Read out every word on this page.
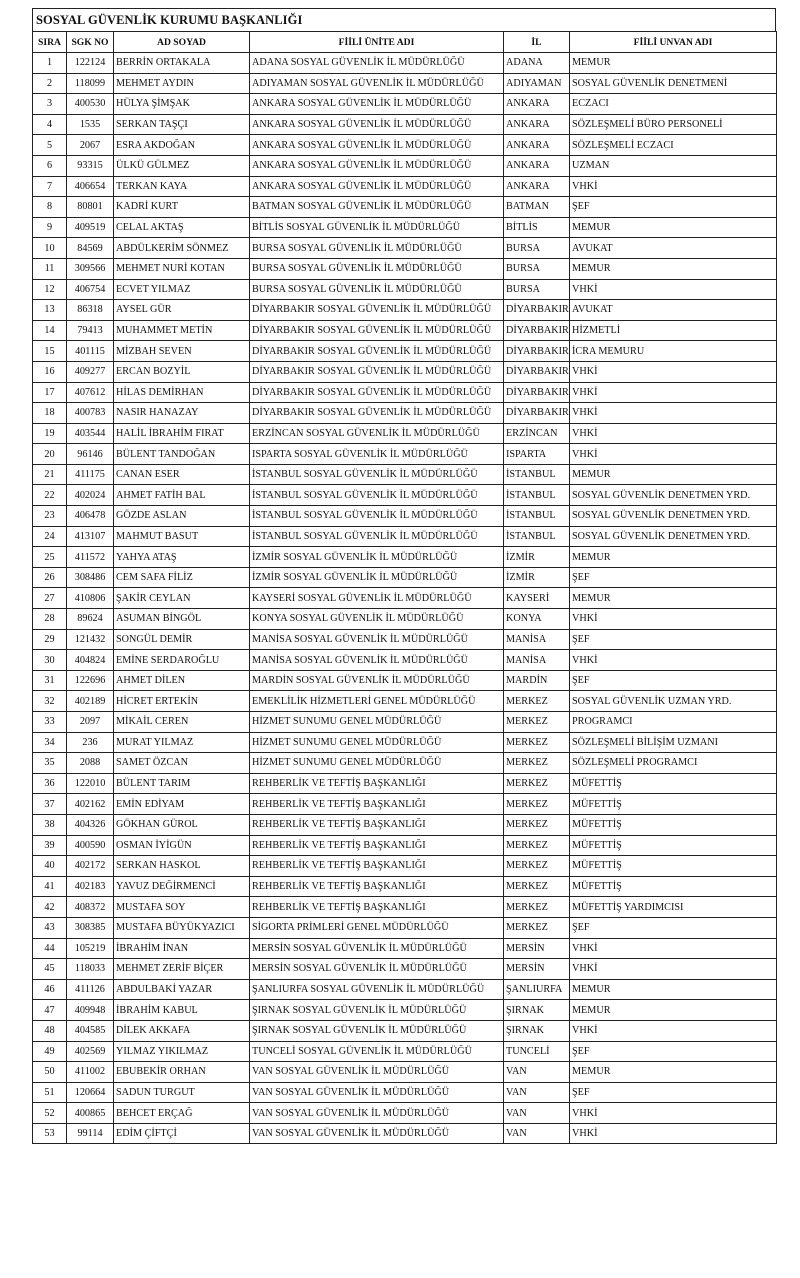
SOSYAL GÜVENLİK KURUMU BAŞKANLIĞI
SIRA	SGK NO	AD SOYAD	FİİLİ ÜNİTE ADI	İL	FİİLİ UNVAN ADI
1	122124	BERRİN ORTAKALA	ADANA SOSYAL GÜVENLİK İL MÜDÜRLÜĞÜ	ADANA	MEMUR
2	118099	MEHMET AYDIN	ADIYAMAN SOSYAL GÜVENLİK İL MÜDÜRLÜĞÜ	ADIYAMAN	SOSYAL GÜVENLİK DENETMENİ
3	400530	HÜLYA ŞİMŞAK	ANKARA SOSYAL GÜVENLİK İL MÜDÜRLÜĞÜ	ANKARA	ECZACI
4	1535	SERKAN TAŞÇI	ANKARA SOSYAL GÜVENLİK İL MÜDÜRLÜĞÜ	ANKARA	SÖZLEŞMELİ BÜRO PERSONELİ
5	2067	ESRA AKDOĞAN	ANKARA SOSYAL GÜVENLİK İL MÜDÜRLÜĞÜ	ANKARA	SÖZLEŞMELİ ECZACI
6	93315	ÜLKÜ GÜLMEZ	ANKARA SOSYAL GÜVENLİK İL MÜDÜRLÜĞÜ	ANKARA	UZMAN
7	406654	TERKAN KAYA	ANKARA SOSYAL GÜVENLİK İL MÜDÜRLÜĞÜ	ANKARA	VHKİ
8	80801	KADRİ KURT	BATMAN SOSYAL GÜVENLİK İL MÜDÜRLÜĞÜ	BATMAN	ŞEF
9	409519	CELAL AKTAŞ	BİTLİS SOSYAL GÜVENLİK İL MÜDÜRLÜĞÜ	BİTLİS	MEMUR
10	84569	ABDÜLKERİM SÖNMEZ	BURSA SOSYAL GÜVENLİK İL MÜDÜRLÜĞÜ	BURSA	AVUKAT
11	309566	MEHMET NURİ KOTAN	BURSA SOSYAL GÜVENLİK İL MÜDÜRLÜĞÜ	BURSA	MEMUR
12	406754	ECVET YILMAZ	BURSA SOSYAL GÜVENLİK İL MÜDÜRLÜĞÜ	BURSA	VHKİ
13	86318	AYSEL GÜR	DİYARBAKIR SOSYAL GÜVENLİK İL MÜDÜRLÜĞÜ	DİYARBAKIR	AVUKAT
14	79413	MUHAMMET METİN	DİYARBAKIR SOSYAL GÜVENLİK İL MÜDÜRLÜĞÜ	DİYARBAKIR	HİZMETLİ
15	401115	MİZBAH SEVEN	DİYARBAKIR SOSYAL GÜVENLİK İL MÜDÜRLÜĞÜ	DİYARBAKIR	İCRA MEMURU
16	409277	ERCAN BOZYİL	DİYARBAKIR SOSYAL GÜVENLİK İL MÜDÜRLÜĞÜ	DİYARBAKIR	VHKİ
17	407612	HİLAS DEMİRHAN	DİYARBAKIR SOSYAL GÜVENLİK İL MÜDÜRLÜĞÜ	DİYARBAKIR	VHKİ
18	400783	NASIR HANAZAY	DİYARBAKIR SOSYAL GÜVENLİK İL MÜDÜRLÜĞÜ	DİYARBAKIR	VHKİ
19	403544	HALİL İBRAHİM FIRAT	ERZİNCAN SOSYAL GÜVENLİK İL MÜDÜRLÜĞÜ	ERZİNCAN	VHKİ
20	96146	BÜLENT TANDOĞAN	ISPARTA SOSYAL GÜVENLİK İL MÜDÜRLÜĞÜ	ISPARTA	VHKİ
21	411175	CANAN ESER	İSTANBUL SOSYAL GÜVENLİK İL MÜDÜRLÜĞÜ	İSTANBUL	MEMUR
22	402024	AHMET FATİH BAL	İSTANBUL SOSYAL GÜVENLİK İL MÜDÜRLÜĞÜ	İSTANBUL	SOSYAL GÜVENLİK DENETMEN YRD.
23	406478	GÖZDE ASLAN	İSTANBUL SOSYAL GÜVENLİK İL MÜDÜRLÜĞÜ	İSTANBUL	SOSYAL GÜVENLİK DENETMEN YRD.
24	413107	MAHMUT BASUT	İSTANBUL SOSYAL GÜVENLİK İL MÜDÜRLÜĞÜ	İSTANBUL	SOSYAL GÜVENLİK DENETMEN YRD.
25	411572	YAHYA ATAŞ	İZMİR SOSYAL GÜVENLİK İL MÜDÜRLÜĞÜ	İZMİR	MEMUR
26	308486	CEM SAFA FİLİZ	İZMİR SOSYAL GÜVENLİK İL MÜDÜRLÜĞÜ	İZMİR	ŞEF
27	410806	ŞAKİR CEYLAN	KAYSERİ SOSYAL GÜVENLİK İL MÜDÜRLÜĞÜ	KAYSERİ	MEMUR
28	89624	ASUMAN BİNGÖL	KONYA SOSYAL GÜVENLİK İL MÜDÜRLÜĞÜ	KONYA	VHKİ
29	121432	SONGÜL DEMİR	MANİSA SOSYAL GÜVENLİK İL MÜDÜRLÜĞÜ	MANİSA	ŞEF
30	404824	EMİNE SERDAROĞLU	MANİSA SOSYAL GÜVENLİK İL MÜDÜRLÜĞÜ	MANİSA	VHKİ
31	122696	AHMET DİLEN	MARDİN SOSYAL GÜVENLİK İL MÜDÜRLÜĞÜ	MARDİN	ŞEF
32	402189	HİCRET ERTEKİN	EMEKLİLİK HİZMETLERİ GENEL MÜDÜRLÜĞÜ	MERKEZ	SOSYAL GÜVENLİK UZMAN YRD.
33	2097	MİKAİL CEREN	HİZMET SUNUMU GENEL MÜDÜRLÜĞÜ	MERKEZ	PROGRAMCI
34	236	MURAT YILMAZ	HİZMET SUNUMU GENEL MÜDÜRLÜĞÜ	MERKEZ	SÖZLEŞMELİ BİLİŞİM UZMANI
35	2088	SAMET ÖZCAN	HİZMET SUNUMU GENEL MÜDÜRLÜĞÜ	MERKEZ	SÖZLEŞMELİ PROGRAMCI
36	122010	BÜLENT TARIM	REHBERLİK VE TEFTİŞ BAŞKANLIĞI	MERKEZ	MÜFETTİŞ
37	402162	EMİN EDİYAM	REHBERLİK VE TEFTİŞ BAŞKANLIĞI	MERKEZ	MÜFETTİŞ
38	404326	GÖKHAN GÜROL	REHBERLİK VE TEFTİŞ BAŞKANLIĞI	MERKEZ	MÜFETTİŞ
39	400590	OSMAN İYİGÜN	REHBERLİK VE TEFTİŞ BAŞKANLIĞI	MERKEZ	MÜFETTİŞ
40	402172	SERKAN HASKOL	REHBERLİK VE TEFTİŞ BAŞKANLIĞI	MERKEZ	MÜFETTİŞ
41	402183	YAVUZ DEĞİRMENCİ	REHBERLİK VE TEFTİŞ BAŞKANLIĞI	MERKEZ	MÜFETTİŞ
42	408372	MUSTAFA SOY	REHBERLİK VE TEFTİŞ BAŞKANLIĞI	MERKEZ	MÜFETTİŞ YARDIMCISI
43	308385	MUSTAFA BÜYÜKYAZICI	SİGORTA PRİMLERİ GENEL MÜDÜRLÜĞÜ	MERKEZ	ŞEF
44	105219	İBRAHİM İNAN	MERSİN SOSYAL GÜVENLİK İL MÜDÜRLÜĞÜ	MERSİN	VHKİ
45	118033	MEHMET ZERİF BİÇER	MERSİN SOSYAL GÜVENLİK İL MÜDÜRLÜĞÜ	MERSİN	VHKİ
46	411126	ABDULBAKİ YAZAR	ŞANLIURFA SOSYAL GÜVENLİK İL MÜDÜRLÜĞÜ	ŞANLIURFA	MEMUR
47	409948	İBRAHİM KABUL	ŞIRNAK SOSYAL GÜVENLİK İL MÜDÜRLÜĞÜ	ŞIRNAK	MEMUR
48	404585	DİLEK AKKAFA	ŞIRNAK SOSYAL GÜVENLİK İL MÜDÜRLÜĞÜ	ŞIRNAK	VHKİ
49	402569	YILMAZ YIKILMAZ	TUNCELİ SOSYAL GÜVENLİK İL MÜDÜRLÜĞÜ	TUNCELİ	ŞEF
50	411002	EBUBEKİR ORHAN	VAN SOSYAL GÜVENLİK İL MÜDÜRLÜĞÜ	VAN	MEMUR
51	120664	SADUN TURGUT	VAN SOSYAL GÜVENLİK İL MÜDÜRLÜĞÜ	VAN	ŞEF
52	400865	BEHCET ERÇAĞ	VAN SOSYAL GÜVENLİK İL MÜDÜRLÜĞÜ	VAN	VHKİ
53	99114	EDİM ÇİFTÇİ	VAN SOSYAL GÜVENLİK İL MÜDÜRLÜĞÜ	VAN	VHKİ
